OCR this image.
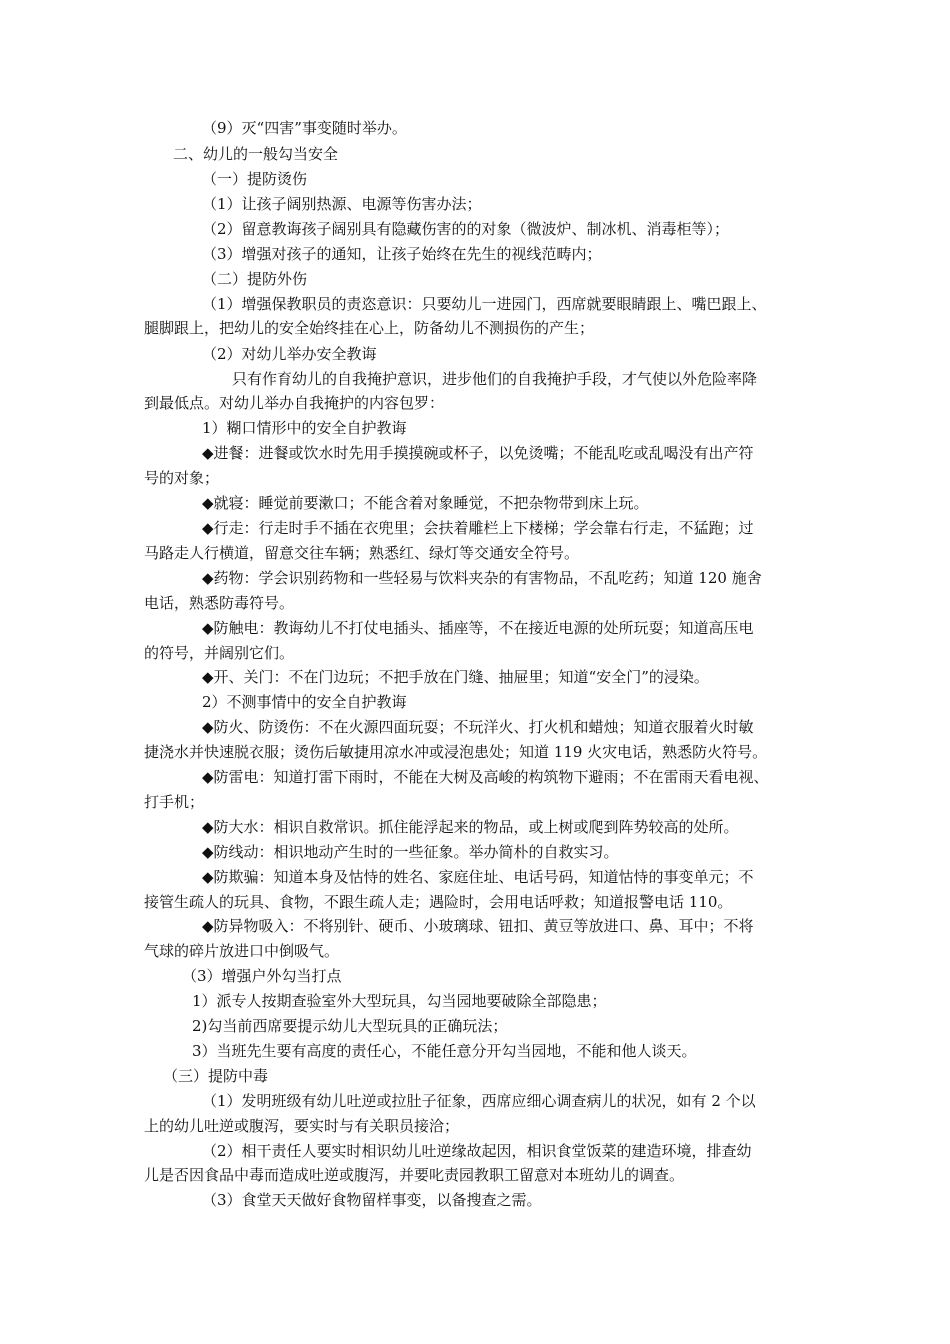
（9）灭“四害”事变随时举办。
二、幼儿的一般勾当安全
（一）提防烫伤
（1）让孩子阔别热源、电源等伤害办法；
（2）留意教诲孩子阔别具有隐藏伤害的的对象（微波炉、制冰机、消毒柜等）；
（3）增强对孩子的通知，让孩子始终在先生的视线范畴内；
（二）提防外伤
（1）增强保教职员的责恣意识：只要幼儿一进园门，西席就要眼睛跟上、嘴巴跟上、
腿脚跟上，把幼儿的安全始终挂在心上，防备幼儿不测损伤的产生；
（2）对幼儿举办安全教诲
只有作育幼儿的自我掩护意识，进步他们的自我掩护手段，才气使以外危险率降
到最低点。对幼儿举办自我掩护的内容包罗：
1）糊口情形中的安全自护教诲
◆进餐：进餐或饮水时先用手摸摸碗或杯子，以免烫嘴；不能乱吃或乱喝没有出产符
号的对象；
◆就寝：睡觉前要漱口；不能含着对象睡觉，不把杂物带到床上玩。
◆行走：行走时手不插在衣兜里；会扶着雕栏上下楼梯；学会靠右行走，不猛跑；过
马路走人行横道，留意交往车辆；熟悉红、绿灯等交通安全符号。
◆药物：学会识别药物和一些轻易与饮料夹杂的有害物品，不乱吃药；知道 120 施舍
电话，熟悉防毒符号。
◆防触电：教诲幼儿不打仗电插头、插座等，不在接近电源的处所玩耍；知道高压电
的符号，并阔别它们。
◆开、关门：不在门边玩；不把手放在门缝、抽屉里；知道“安全门”的浸染。
2）不测事情中的安全自护教诲
◆防火、防烫伤：不在火源四面玩耍；不玩洋火、打火机和蜡烛；知道衣服着火时敏
捷浇水并快速脱衣服；烫伤后敏捷用凉水冲或浸泡患处；知道 119 火灾电话，熟悉防火符号。
◆防雷电：知道打雷下雨时，不能在大树及高峻的构筑物下避雨；不在雷雨天看电视、
打手机；
◆防大水：相识自救常识。抓住能浮起来的物品，或上树或爬到阵势较高的处所。
◆防线动：相识地动产生时的一些征象。举办简朴的自救实习。
◆防欺骗：知道本身及怙恃的姓名、家庭住址、电话号码，知道怙恃的事变单元；不
接管生疏人的玩具、食物，不跟生疏人走；遇险时，会用电话呼救；知道报警电话 110。
◆防异物吸入：不将别针、硬币、小玻璃球、钮扣、黄豆等放进口、鼻、耳中；不将
气球的碎片放进口中倒吸气。
（3）增强户外勾当打点
1）派专人按期查验室外大型玩具，勾当园地要破除全部隐患；
2)勾当前西席要提示幼儿大型玩具的正确玩法；
3）当班先生要有高度的责任心，不能任意分开勾当园地，不能和他人谈天。
（三）提防中毒
（1）发明班级有幼儿吐逆或拉肚子征象，西席应细心调查病儿的状况，如有 2 个以
上的幼儿吐逆或腹泻，要实时与有关职员接洽；
（2）相干责任人要实时相识幼儿吐逆缘故起因，相识食堂饭菜的建造环境，排查幼
儿是否因食品中毒而造成吐逆或腹泻，并要叱责园教职工留意对本班幼儿的调查。
（3）食堂天天做好食物留样事变，以备搜查之需。
